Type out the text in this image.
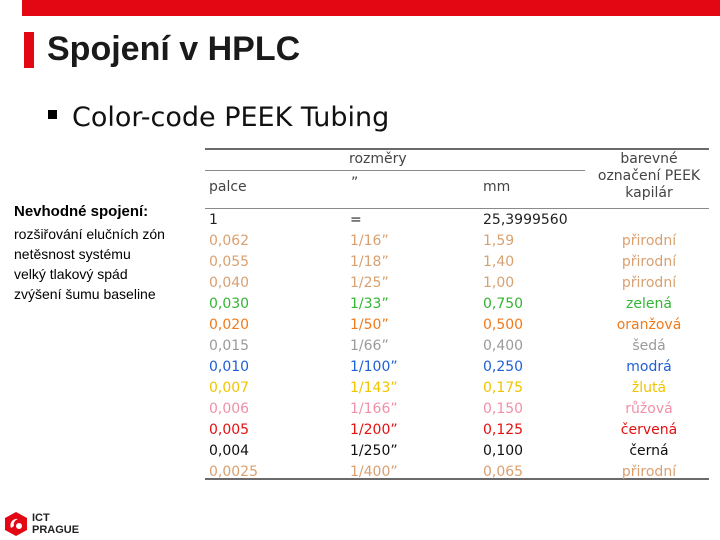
Spojení v HPLC
Color-code PEEK Tubing
Nevhodné spojení:
rozšiřování elučních zón
netěsnost systému
velký tlakový spád
zvýšení šumu baseline
rozměry
palce	”	mm
barevné
označení PEEK
kapilár
1	=	25,3999560
0,062	1/16”	1,59	přirodní
0,055	1/18”	1,40	přirodní
0,040	1/25”	1,00	přirodní
0,030	1/33”	0,750	zelená
0,020	1/50”	0,500	oranžová
0,015	1/66”	0,400	šedá
0,010	1/100”	0,250	modrá
0,007	1/143”	0,175	žlutá
0,006	1/166”	0,150	růžová
0,005	1/200”	0,125	červená
0,004	1/250”	0,100	černá
0,0025	1/400”	0,065	přirodní
ICT
PRAGUE
